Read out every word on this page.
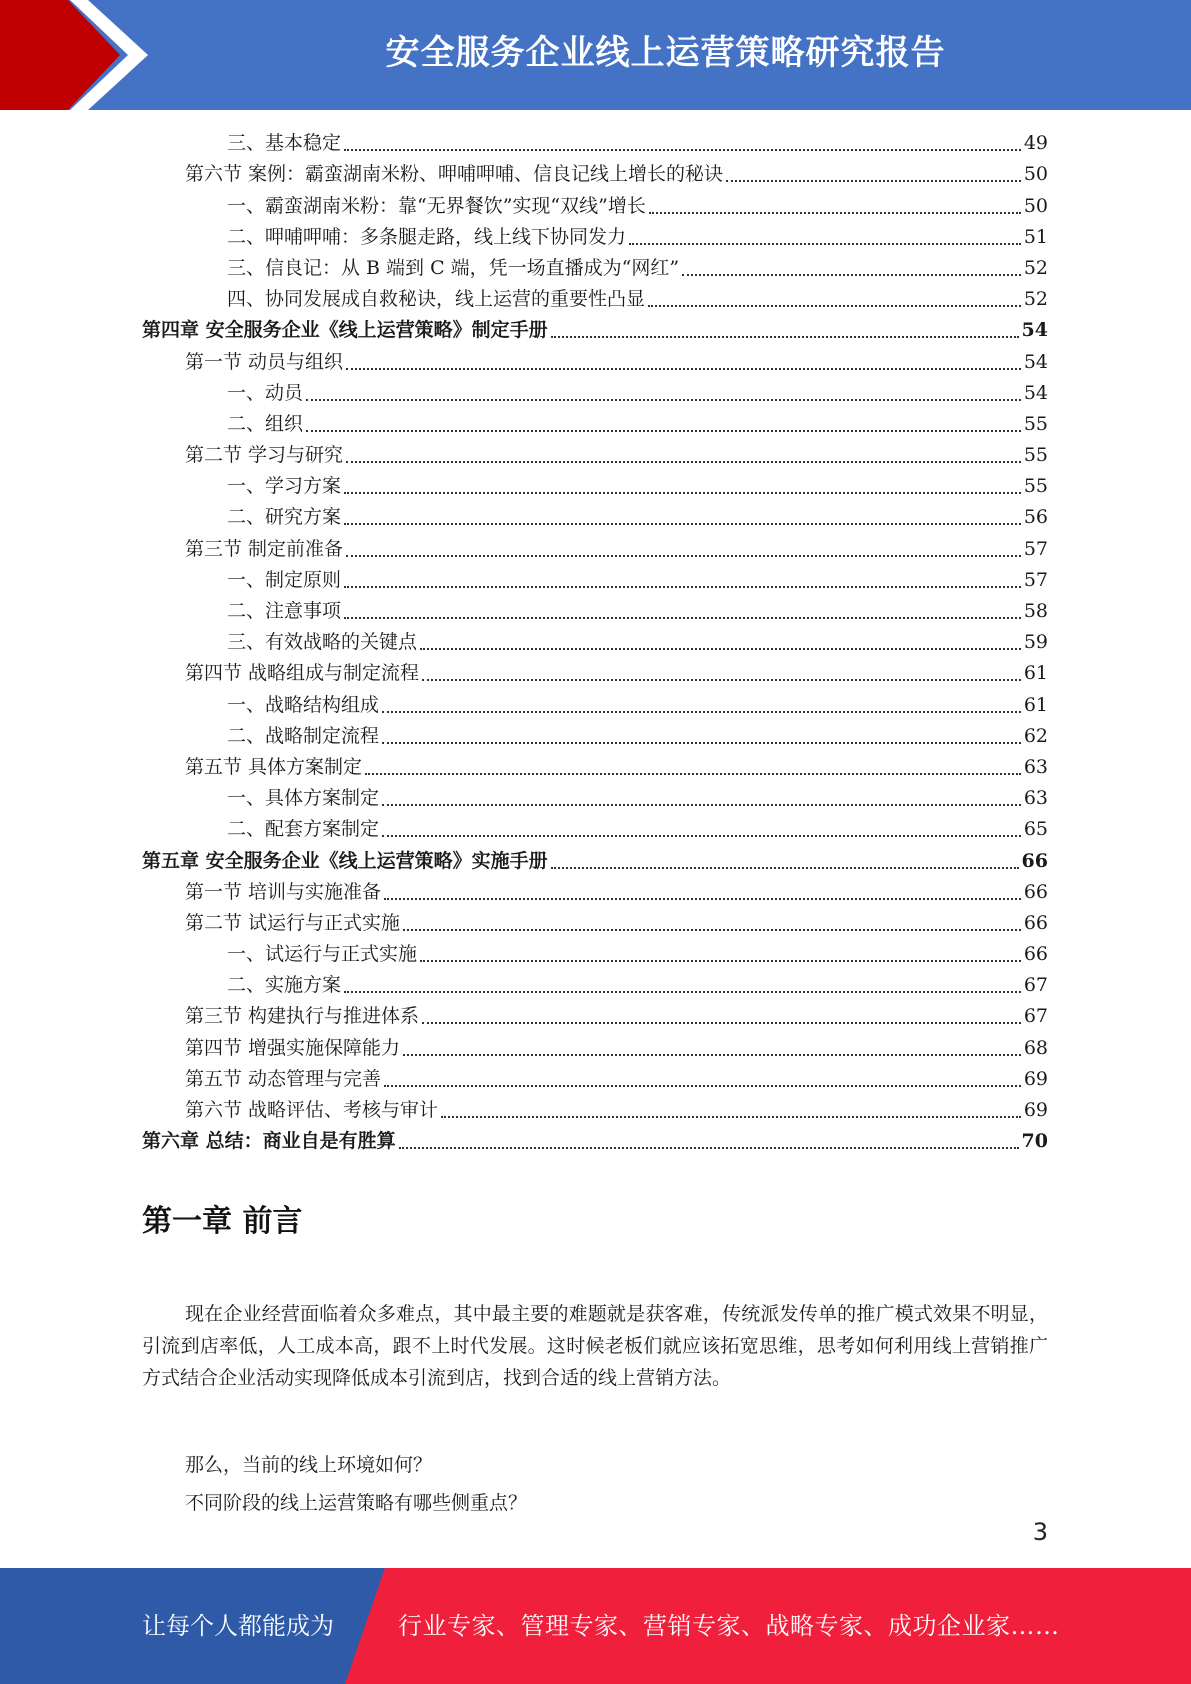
安全服务企业线上运营策略研究报告
三、基本稳定	49
第六节 案例：霸蛮湖南米粉、呷哺呷哺、信良记线上增长的秘诀	50
一、霸蛮湖南米粉：靠“无界餐饮”实现“双线”增长	50
二、呷哺呷哺：多条腿走路，线上线下协同发力	51
三、信良记：从 B 端到 C 端，凭一场直播成为“网红”	52
四、协同发展成自救秘诀，线上运营的重要性凸显	52
第四章 安全服务企业《线上运营策略》制定手册	54
第一节 动员与组织	54
一、动员	54
二、组织	55
第二节 学习与研究	55
一、学习方案	55
二、研究方案	56
第三节 制定前准备	57
一、制定原则	57
二、注意事项	58
三、有效战略的关键点	59
第四节 战略组成与制定流程	61
一、战略结构组成	61
二、战略制定流程	62
第五节 具体方案制定	63
一、具体方案制定	63
二、配套方案制定	65
第五章 安全服务企业《线上运营策略》实施手册	66
第一节 培训与实施准备	66
第二节 试运行与正式实施	66
一、试运行与正式实施	66
二、实施方案	67
第三节 构建执行与推进体系	67
第四节 增强实施保障能力	68
第五节 动态管理与完善	69
第六节 战略评估、考核与审计	69
第六章 总结：商业自是有胜算	70
第一章 前言
现在企业经营面临着众多难点，其中最主要的难题就是获客难，传统派发传单的推广模式效果不明显，引流到店率低，人工成本高，跟不上时代发展。这时候老板们就应该拓宽思维，思考如何利用线上营销推广方式结合企业活动实现降低成本引流到店，找到合适的线上营销方法。
那么，当前的线上环境如何？
不同阶段的线上运营策略有哪些侧重点？
3
让每个人都能成为	行业专家、管理专家、营销专家、战略专家、成功企业家……
